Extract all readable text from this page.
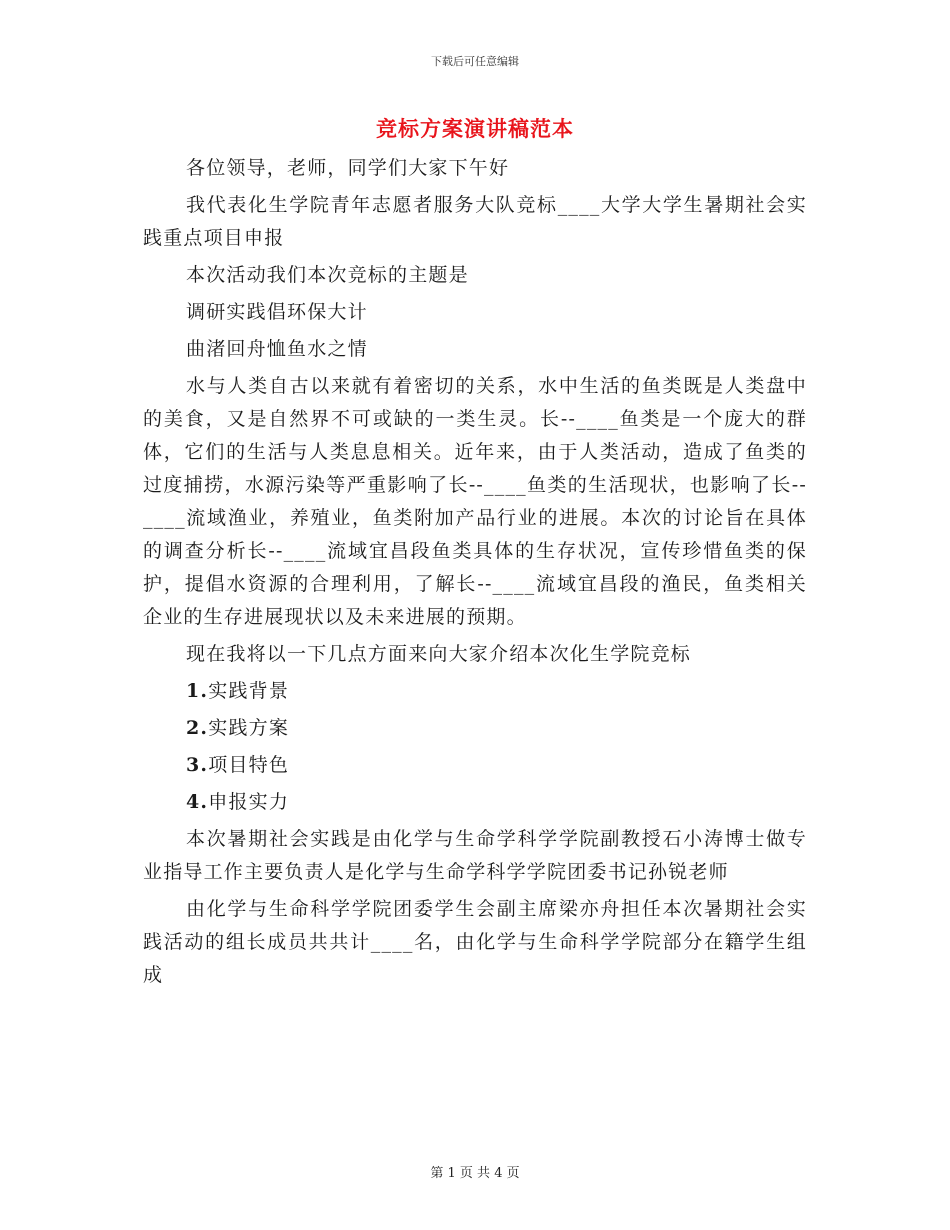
下载后可任意编辑
竞标方案演讲稿范本

各位领导，老师，同学们大家下午好

我代表化生学院青年志愿者服务大队竞标____大学大学生暑期社会实践重点项目申报

本次活动我们本次竞标的主题是

调研实践倡环保大计

曲渚回舟恤鱼水之情

水与人类自古以来就有着密切的关系，水中生活的鱼类既是人类盘中的美食，又是自然界不可或缺的一类生灵。长--____鱼类是一个庞大的群体，它们的生活与人类息息相关。近年来，由于人类活动，造成了鱼类的过度捕捞，水源污染等严重影响了长--____鱼类的生活现状，也影响了长--____流域渔业，养殖业，鱼类附加产品行业的进展。本次的讨论旨在具体的调查分析长--____流域宜昌段鱼类具体的生存状况，宣传珍惜鱼类的保护，提倡水资源的合理利用，了解长--____流域宜昌段的渔民，鱼类相关企业的生存进展现状以及未来进展的预期。

现在我将以一下几点方面来向大家介绍本次化生学院竞标

1.实践背景

2.实践方案

3.项目特色

4.申报实力

本次暑期社会实践是由化学与生命学科学学院副教授石小涛博士做专业指导工作主要负责人是化学与生命学科学学院团委书记孙锐老师

由化学与生命科学学院团委学生会副主席梁亦舟担任本次暑期社会实践活动的组长成员共共计____名，由化学与生命科学学院部分在籍学生组成

第 1 页 共 4 页
